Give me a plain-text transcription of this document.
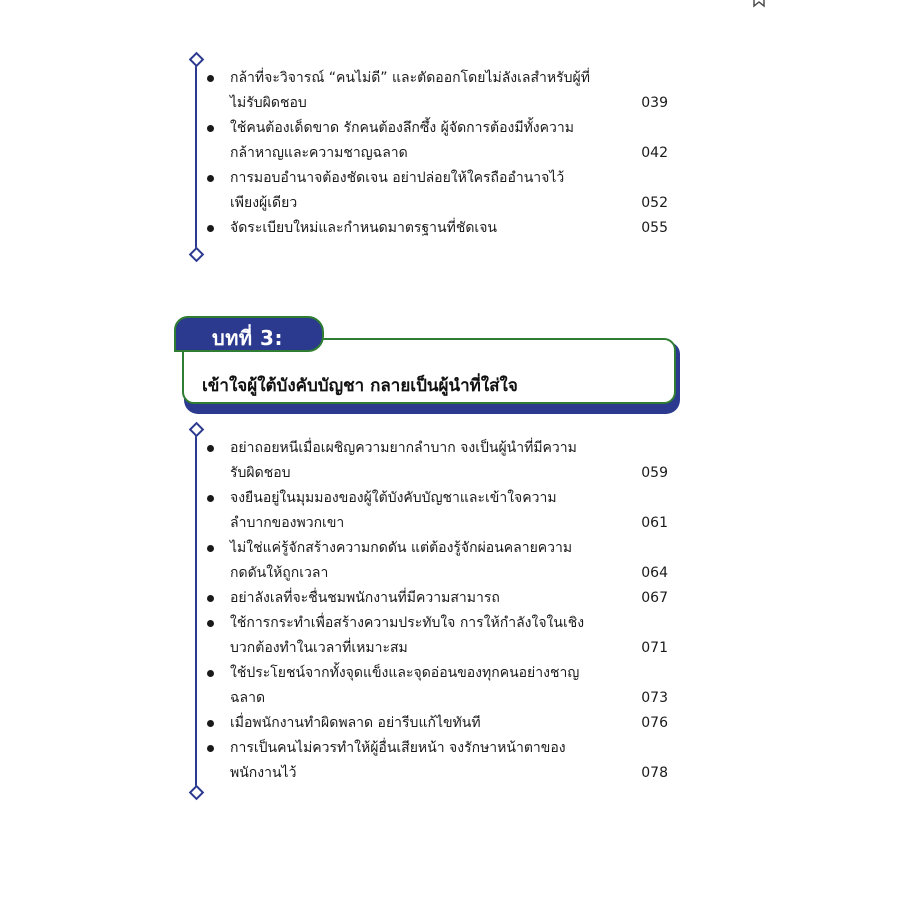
กล้าที่จะวิจารณ์ “คนไม่ดี” และตัดออกโดยไม่ลังเลสำหรับผู้ที่
ไม่รับผิดชอบ	039
ใช้คนต้องเด็ดขาด รักคนต้องลึกซึ้ง ผู้จัดการต้องมีทั้งความ
กล้าหาญและความชาญฉลาด	042
การมอบอำนาจต้องชัดเจน อย่าปล่อยให้ใครถืออำนาจไว้
เพียงผู้เดียว	052
จัดระเบียบใหม่และกำหนดมาตรฐานที่ชัดเจน	055
บทที่ 3:
เข้าใจผู้ใต้บังคับบัญชา กลายเป็นผู้นำที่ใส่ใจ
อย่าถอยหนีเมื่อเผชิญความยากลำบาก จงเป็นผู้นำที่มีความ
รับผิดชอบ	059
จงยืนอยู่ในมุมมองของผู้ใต้บังคับบัญชาและเข้าใจความ
ลำบากของพวกเขา	061
ไม่ใช่แค่รู้จักสร้างความกดดัน แต่ต้องรู้จักผ่อนคลายความ
กดดันให้ถูกเวลา	064
อย่าลังเลที่จะชื่นชมพนักงานที่มีความสามารถ	067
ใช้การกระทำเพื่อสร้างความประทับใจ การให้กำลังใจในเชิง
บวกต้องทำในเวลาที่เหมาะสม	071
ใช้ประโยชน์จากทั้งจุดแข็งและจุดอ่อนของทุกคนอย่างชาญ
ฉลาด	073
เมื่อพนักงานทำผิดพลาด อย่ารีบแก้ไขทันที	076
การเป็นคนไม่ควรทำให้ผู้อื่นเสียหน้า จงรักษาหน้าตาของ
พนักงานไว้	078
